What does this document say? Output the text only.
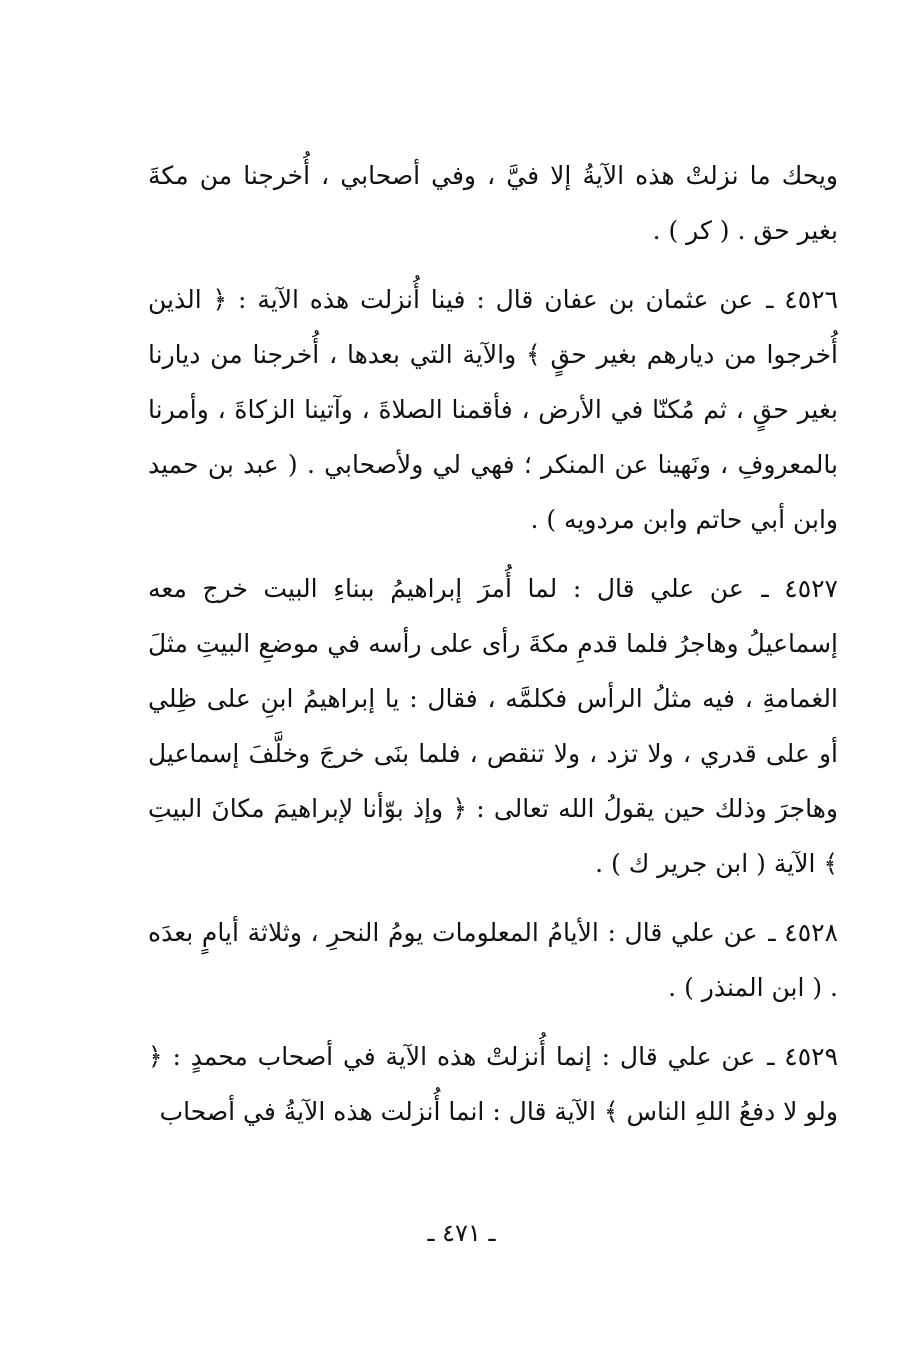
ويحك ما نزلتْ هذه الآيةُ إلا فيَّ ، وفي أصحابي ، أُخرجنا من مكةَ بغير حق . ( كر ) .

٤٥٢٦ ـ عن عثمان بن عفان قال : فينا أُنزلت هذه الآية : ﴿ الذين أُخرجوا من ديارهم بغير حقٍ ﴾ والآية التي بعدها ، أُخرجنا من ديارنا بغير حقٍ ، ثم مُكنّا في الأرض ، فأقمنا الصلاةَ ، وآتينا الزكاةَ ، وأمرنا بالمعروفِ ، ونَهينا عن المنكر ؛ فهي لي ولأصحابي . ( عبد بن حميد وابن أبي حاتم وابن مردويه ) .

٤٥٢٧ ـ عن علي قال : لما أُمرَ إبراهيمُ ببناءِ البيت خرج معه إسماعيلُ وهاجرُ فلما قدمِ مكةَ رأى على رأسه في موضعِ البيتِ مثلَ الغمامةِ ، فيه مثلُ الرأس فكلمَّه ، فقال : يا إبراهيمُ ابنِ على ظِلي أو على قدري ، ولا تزد ، ولا تنقص ، فلما بنَى خرجَ وخلَّفَ إسماعيل وهاجرَ وذلك حين يقولُ الله تعالى : ﴿ وإذ بوّأنا لإبراهيمَ مكانَ البيتِ ﴾ الآية ( ابن جرير ك ) .

٤٥٢٨ ـ عن علي قال : الأيامُ المعلومات يومُ النحرِ ، وثلاثة أيامٍ بعدَه . ( ابن المنذر ) .

٤٥٢٩ ـ عن علي قال : إنما أُنزلتْ هذه الآية في أصحاب محمدٍ : ﴿ ولو لا دفعُ اللهِ الناس ﴾ الآية قال : انما أُنزلت هذه الآيةُ في أصحاب

ـ ٤٧١ ـ
